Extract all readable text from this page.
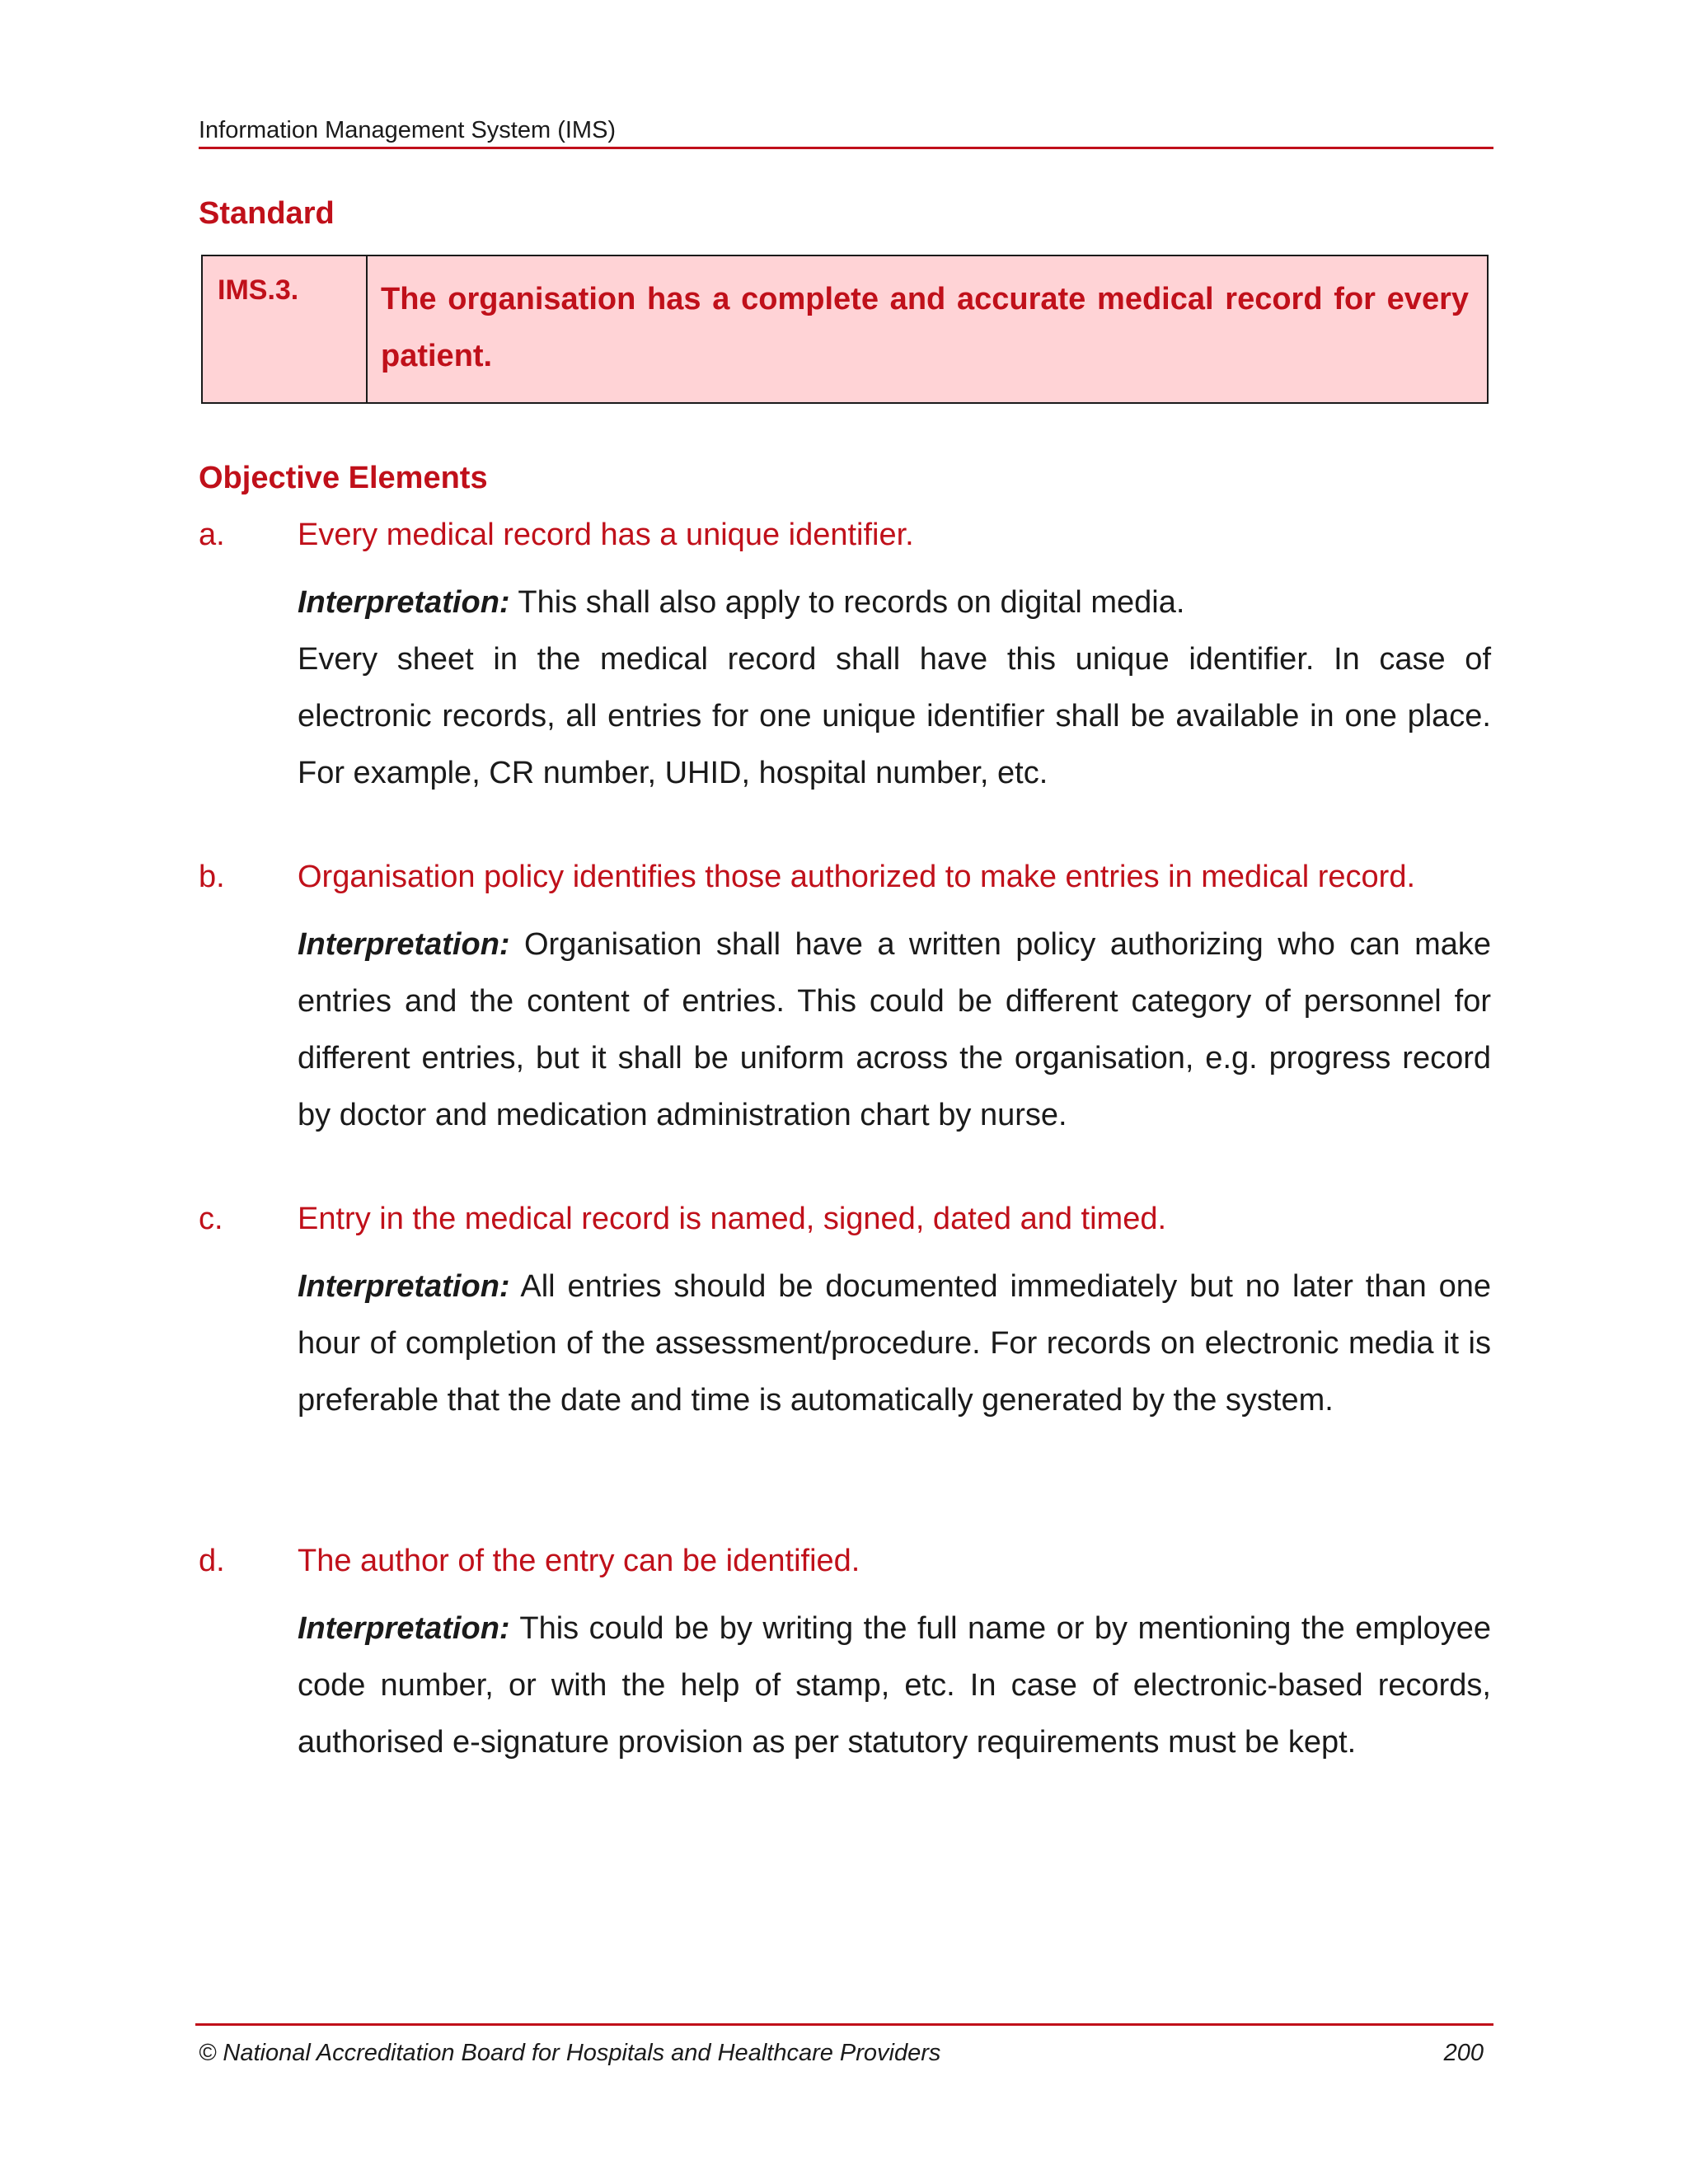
Information Management System (IMS)
Standard
IMS.3.	The organisation has a complete and accurate medical record for every patient.
Objective Elements
a. Every medical record has a unique identifier.
Interpretation: This shall also apply to records on digital media.
Every sheet in the medical record shall have this unique identifier. In case of electronic records, all entries for one unique identifier shall be available in one place. For example, CR number, UHID, hospital number, etc.
b. Organisation policy identifies those authorized to make entries in medical record.
Interpretation: Organisation shall have a written policy authorizing who can make entries and the content of entries. This could be different category of personnel for different entries, but it shall be uniform across the organisation, e.g. progress record by doctor and medication administration chart by nurse.
c. Entry in the medical record is named, signed, dated and timed.
Interpretation: All entries should be documented immediately but no later than one hour of completion of the assessment/procedure. For records on electronic media it is preferable that the date and time is automatically generated by the system.
d. The author of the entry can be identified.
Interpretation: This could be by writing the full name or by mentioning the employee code number, or with the help of stamp, etc. In case of electronic-based records, authorised e-signature provision as per statutory requirements must be kept.
© National Accreditation Board for Hospitals and Healthcare Providers	200
